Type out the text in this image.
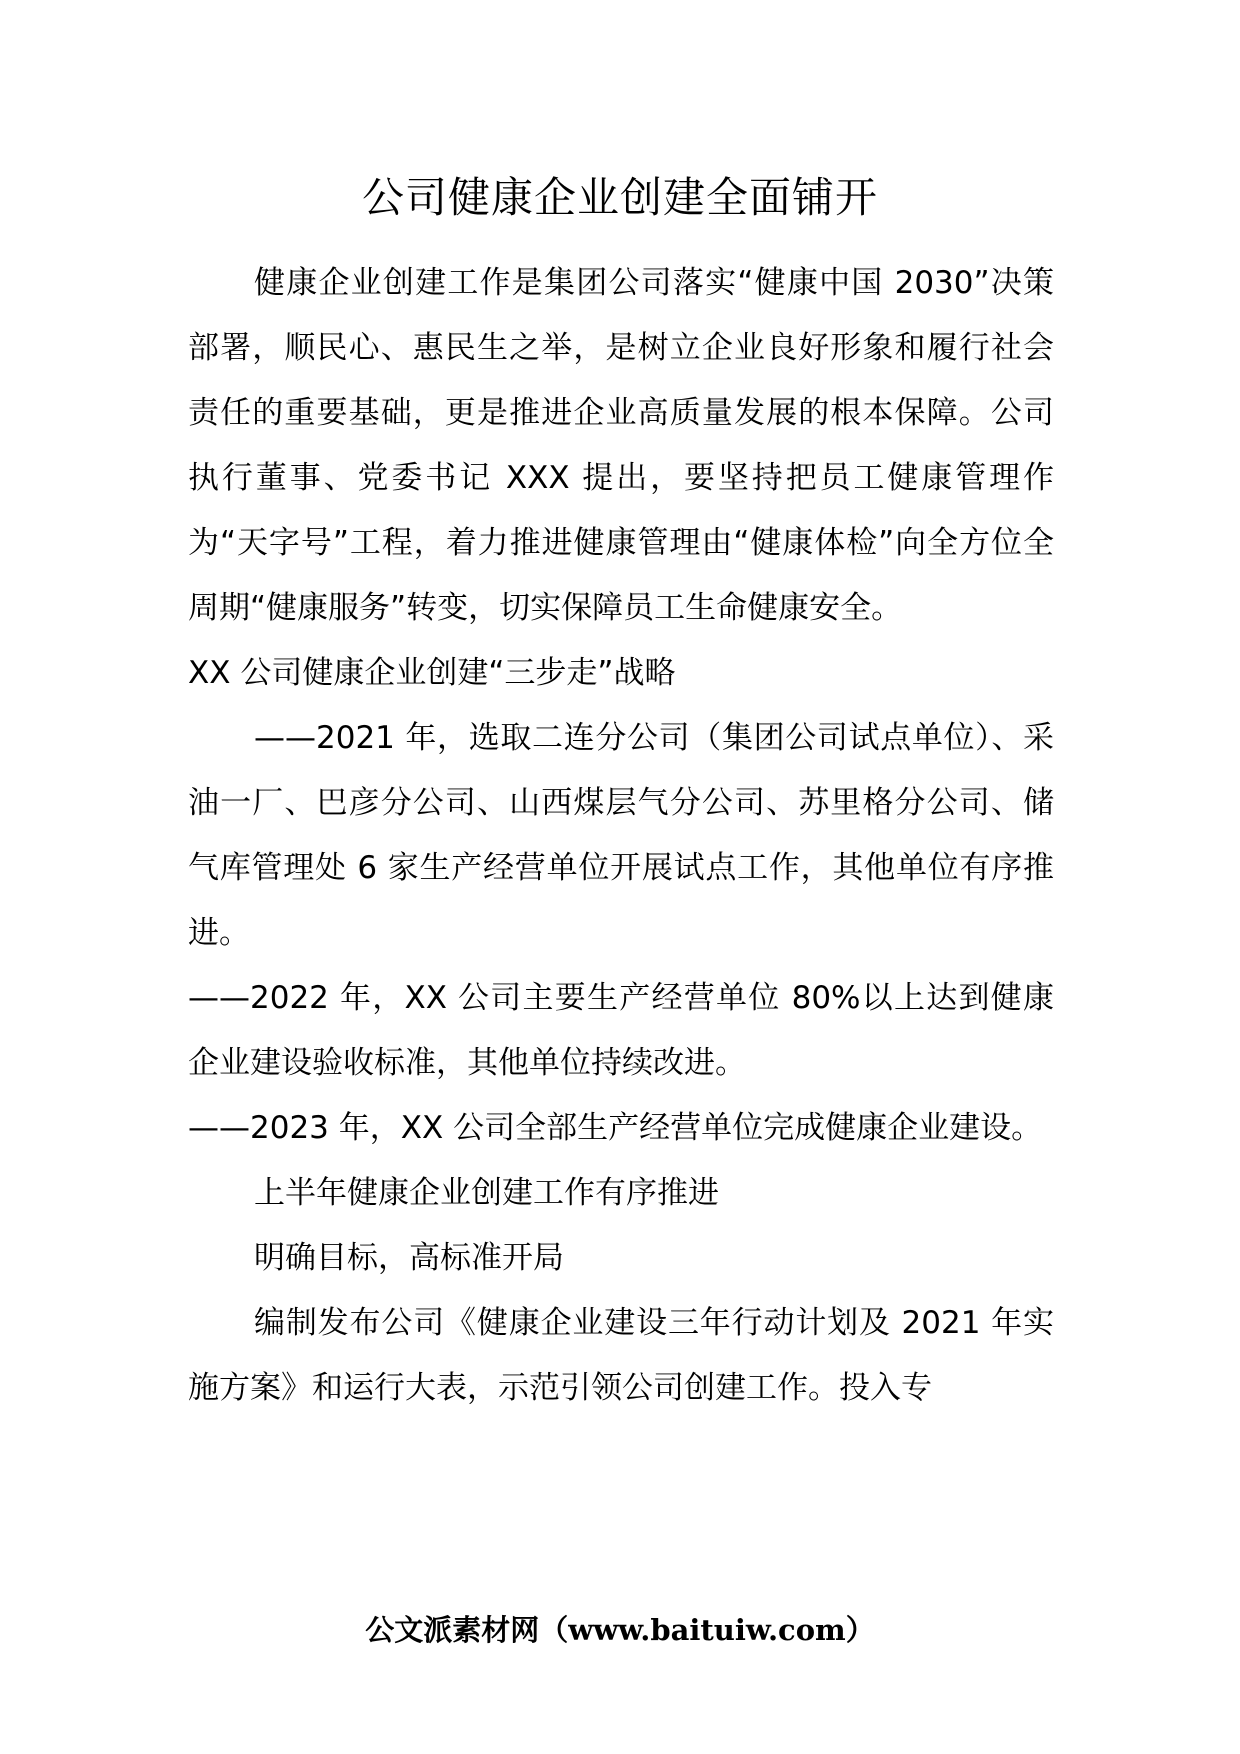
公司健康企业创建全面铺开

健康企业创建工作是集团公司落实“健康中国 2030”决策部署，顺民心、惠民生之举，是树立企业良好形象和履行社会责任的重要基础，更是推进企业高质量发展的根本保障。公司执行董事、党委书记 XXX 提出，要坚持把员工健康管理作为“天字号”工程，着力推进健康管理由“健康体检”向全方位全周期“健康服务”转变，切实保障员工生命健康安全。

XX 公司健康企业创建“三步走”战略

——2021 年，选取二连分公司（集团公司试点单位）、采油一厂、巴彦分公司、山西煤层气分公司、苏里格分公司、储气库管理处 6 家生产经营单位开展试点工作，其他单位有序推进。

——2022 年，XX 公司主要生产经营单位 80%以上达到健康企业建设验收标准，其他单位持续改进。

——2023 年，XX 公司全部生产经营单位完成健康企业建设。

上半年健康企业创建工作有序推进

明确目标，高标准开局

编制发布公司《健康企业建设三年行动计划及 2021 年实施方案》和运行大表，示范引领公司创建工作。投入专

公文派素材网（www.baituiw.com）
